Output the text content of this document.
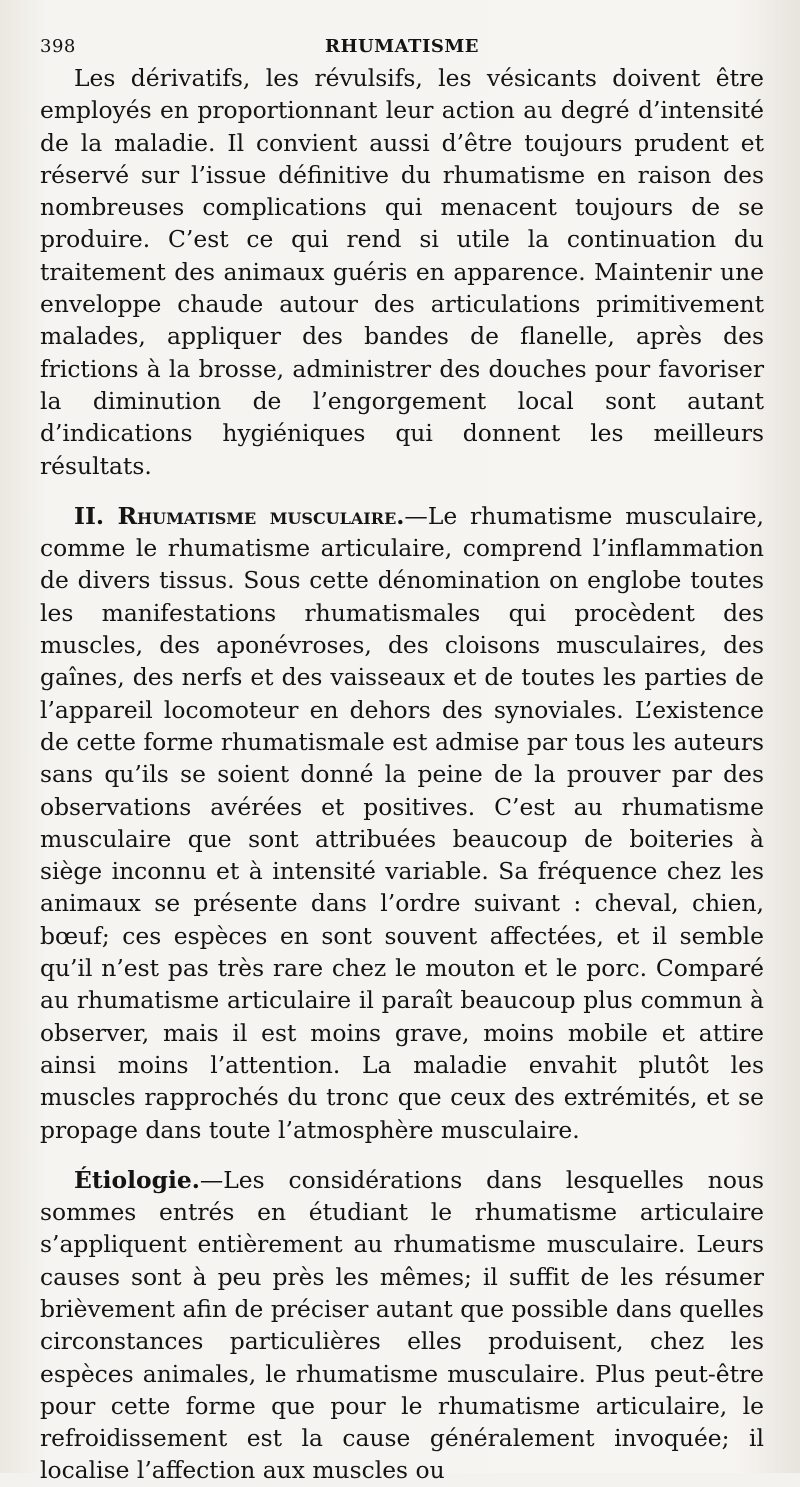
398	RHUMATISME

Les dérivatifs, les révulsifs, les vésicants doivent être employés en proportionnant leur action au degré d’intensité de la maladie. Il convient aussi d’être toujours prudent et réservé sur l’issue définitive du rhumatisme en raison des nombreuses complications qui menacent toujours de se produire. C’est ce qui rend si utile la continuation du traitement des animaux guéris en apparence. Maintenir une enveloppe chaude autour des articulations primitivement malades, appliquer des bandes de flanelle, après des frictions à la brosse, administrer des douches pour favoriser la diminution de l’engorgement local sont autant d’indications hygiéniques qui donnent les meilleurs résultats.

II. Rhumatisme musculaire.—Le rhumatisme musculaire, comme le rhumatisme articulaire, comprend l’inflammation de divers tissus. Sous cette dénomination on englobe toutes les manifestations rhumatismales qui procèdent des muscles, des aponévroses, des cloisons musculaires, des gaînes, des nerfs et des vaisseaux et de toutes les parties de l’appareil locomoteur en dehors des synoviales. L’existence de cette forme rhumatismale est admise par tous les auteurs sans qu’ils se soient donné la peine de la prouver par des observations avérées et positives. C’est au rhumatisme musculaire que sont attribuées beaucoup de boiteries à siège inconnu et à intensité variable. Sa fréquence chez les animaux se présente dans l’ordre suivant : cheval, chien, bœuf; ces espèces en sont souvent affectées, et il semble qu’il n’est pas très rare chez le mouton et le porc. Comparé au rhumatisme articulaire il paraît beaucoup plus commun à observer, mais il est moins grave, moins mobile et attire ainsi moins l’attention. La maladie envahit plutôt les muscles rapprochés du tronc que ceux des extrémités, et se propage dans toute l’atmosphère musculaire.

Étiologie.—Les considérations dans lesquelles nous sommes entrés en étudiant le rhumatisme articulaire s’appliquent entièrement au rhumatisme musculaire. Leurs causes sont à peu près les mêmes; il suffit de les résumer brièvement afin de préciser autant que possible dans quelles circonstances particulières elles produisent, chez les espèces animales, le rhumatisme musculaire. Plus peut-être pour cette forme que pour le rhumatisme articulaire, le refroidissement est la cause généralement invoquée; il localise l’affection aux muscles ou
